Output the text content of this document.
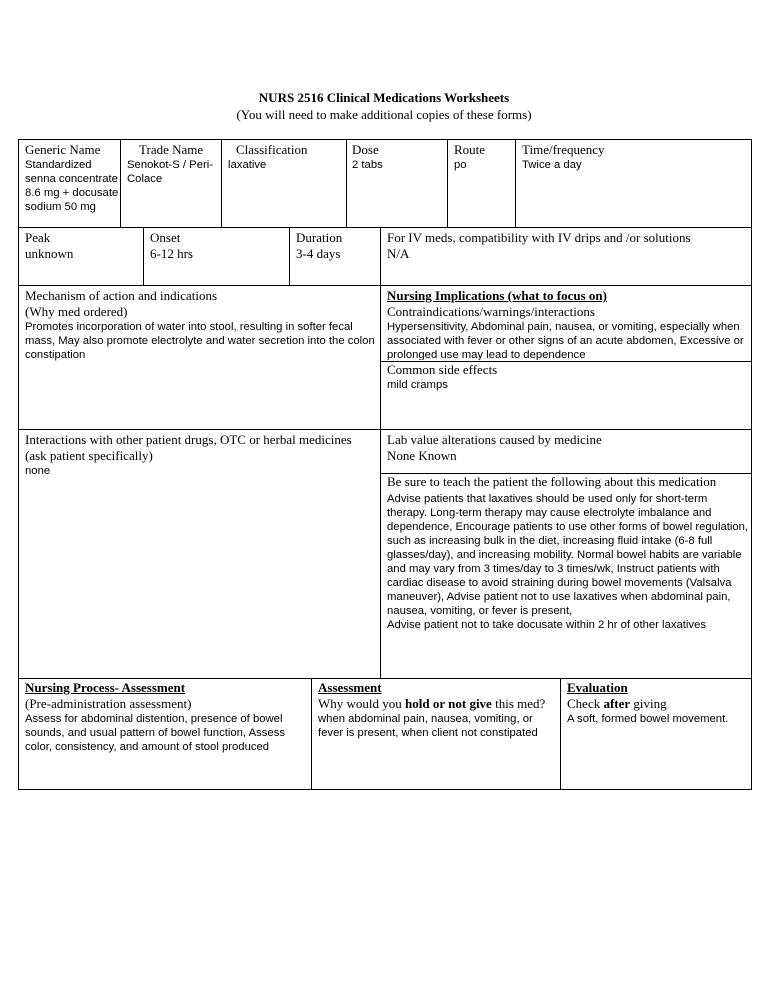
NURS 2516 Clinical Medications Worksheets
(You will need to make additional copies of these forms)
Generic Name
Standardized senna concentrate 8.6 mg + docusate sodium 50 mg
Trade Name
Senokot-S / Peri-Colace
Classification
laxative
Dose
2 tabs
Route
po
Time/frequency
Twice a day
Peak
unknown
Onset
6-12 hrs
Duration
3-4 days
For IV meds, compatibility with IV drips and /or solutions
N/A
Mechanism of action and indications
(Why med ordered)
Promotes incorporation of water into stool, resulting in softer fecal mass, May also promote electrolyte and water secretion into the colon
constipation
Nursing Implications (what to focus on)
Contraindications/warnings/interactions
Hypersensitivity, Abdominal pain, nausea, or vomiting, especially when associated with fever or other signs of an acute abdomen, Excessive or prolonged use may lead to dependence
Common side effects
mild cramps
Interactions with other patient drugs, OTC or herbal medicines (ask patient specifically)
none
Lab value alterations caused by medicine
None Known
Be sure to teach the patient the following about this medication
Advise patients that laxatives should be used only for short-term therapy. Long-term therapy may cause electrolyte imbalance and dependence, Encourage patients to use other forms of bowel regulation, such as increasing bulk in the diet, increasing fluid intake (6-8 full glasses/day), and increasing mobility. Normal bowel habits are variable and may vary from 3 times/day to 3 times/wk, Instruct patients with cardiac disease to avoid straining during bowel movements (Valsalva maneuver), Advise patient not to use laxatives when abdominal pain, nausea, vomiting, or fever is present,
Advise patient not to take docusate within 2 hr of other laxatives
Nursing Process- Assessment
(Pre-administration assessment)
Assess for abdominal distention, presence of bowel sounds, and usual pattern of bowel function, Assess color, consistency, and amount of stool produced
Assessment
Why would you hold or not give this med?
when abdominal pain, nausea, vomiting, or fever is present, when client not constipated
Evaluation
Check after giving
A soft, formed bowel movement.
